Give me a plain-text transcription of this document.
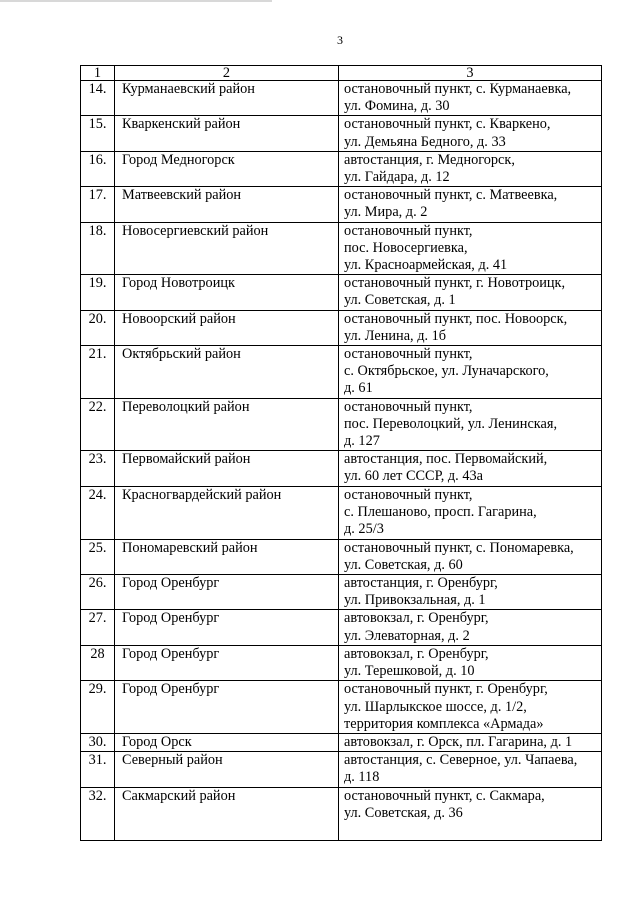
3
1	2	3
14.	Курманаевский район	остановочный пункт, с. Курманаевка,
ул. Фомина, д. 30
15.	Кваркенский район	остановочный пункт, с. Кваркено,
ул. Демьяна Бедного, д. 33
16.	Город Медногорск	автостанция, г. Медногорск,
ул. Гайдара, д. 12
17.	Матвеевский район	остановочный пункт, с. Матвеевка,
ул. Мира, д. 2
18.	Новосергиевский район	остановочный пункт,
пос. Новосергиевка,
ул. Красноармейская, д. 41
19.	Город Новотроицк	остановочный пункт, г. Новотроицк,
ул. Советская, д. 1
20.	Новоорский район	остановочный пункт, пос. Новоорск,
ул. Ленина, д. 1б
21.	Октябрьский район	остановочный пункт,
с. Октябрьское, ул. Луначарского,
д. 61
22.	Переволоцкий район	остановочный пункт,
пос. Переволоцкий, ул. Ленинская,
д. 127
23.	Первомайский район	автостанция, пос. Первомайский,
ул. 60 лет СССР, д. 43а
24.	Красногвардейский район	остановочный пункт,
с. Плешаново, просп. Гагарина,
д. 25/3
25.	Пономаревский район	остановочный пункт, с. Пономаревка,
ул. Советская, д. 60
26.	Город Оренбург	автостанция, г. Оренбург,
ул. Привокзальная, д. 1
27.	Город Оренбург	автовокзал, г. Оренбург,
ул. Элеваторная, д. 2
28	Город Оренбург	автовокзал, г. Оренбург,
ул. Терешковой, д. 10
29.	Город Оренбург	остановочный пункт, г. Оренбург,
ул. Шарлыкское шоссе, д. 1/2,
территория комплекса «Армада»
30.	Город Орск	автовокзал, г. Орск, пл. Гагарина, д. 1
31.	Северный район	автостанция, с. Северное, ул. Чапаева,
д. 118
32.	Сакмарский район	остановочный пункт, с. Сакмара,
ул. Советская, д. 36
